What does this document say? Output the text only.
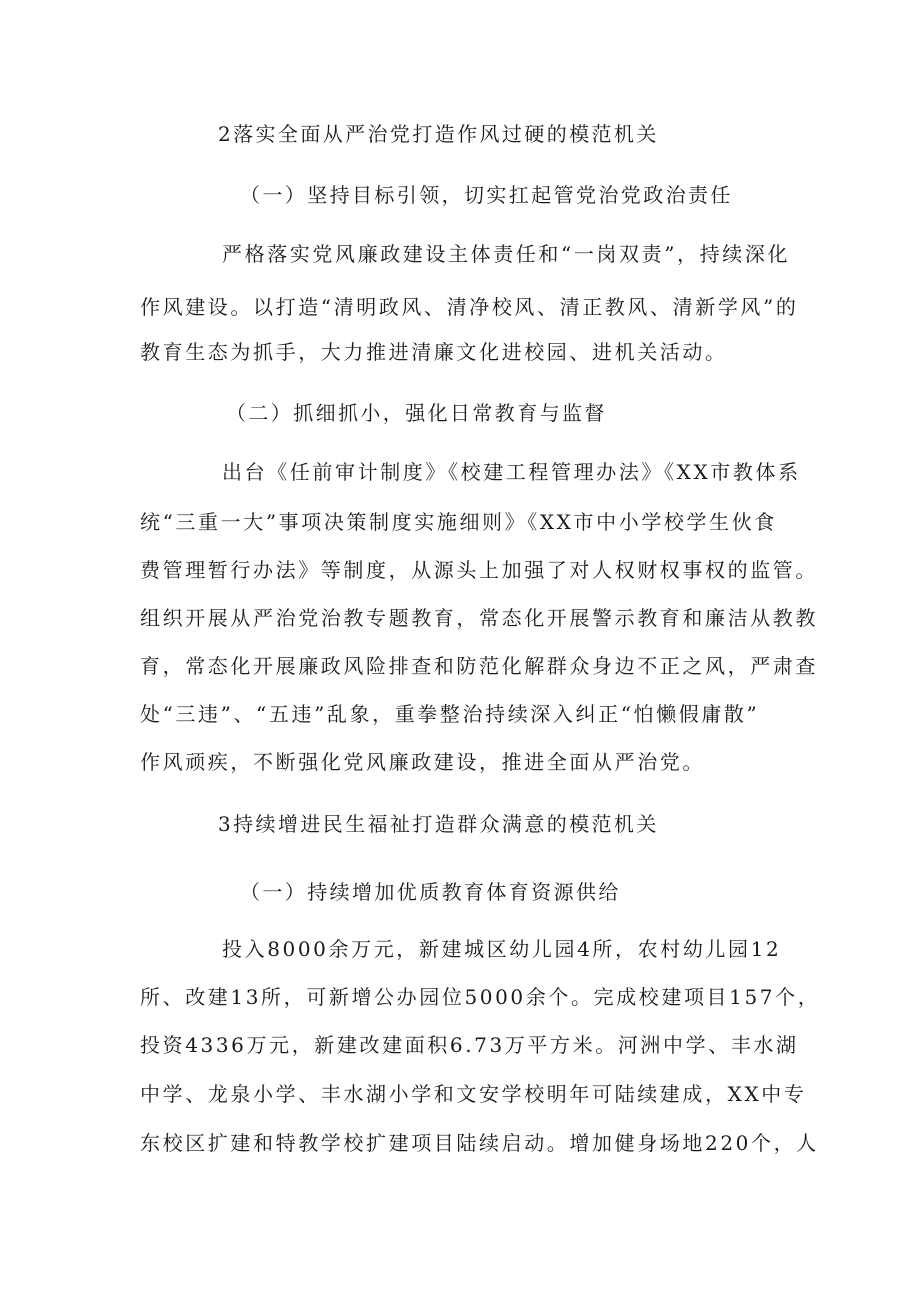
2落实全面从严治党打造作风过硬的模范机关
（一）坚持目标引领，切实扛起管党治党政治责任
严格落实党风廉政建设主体责任和“一岗双责”，持续深化
作风建设。以打造“清明政风、清净校风、清正教风、清新学风”的
教育生态为抓手，大力推进清廉文化进校园、进机关活动。
（二）抓细抓小，强化日常教育与监督
出台《任前审计制度》《校建工程管理办法》《XX市教体系
统“三重一大”事项决策制度实施细则》《XX市中小学校学生伙食
费管理暂行办法》等制度，从源头上加强了对人权财权事权的监管。
组织开展从严治党治教专题教育，常态化开展警示教育和廉洁从教教
育，常态化开展廉政风险排查和防范化解群众身边不正之风，严肃查
处“三违”、“五违”乱象，重拳整治持续深入纠正“怕懒假庸散”
作风顽疾，不断强化党风廉政建设，推进全面从严治党。
3持续增进民生福祉打造群众满意的模范机关
（一）持续增加优质教育体育资源供给
投入8000余万元，新建城区幼儿园4所，农村幼儿园12
所、改建13所，可新增公办园位5000余个。完成校建项目157个，
投资4336万元，新建改建面积6.73万平方米。河洲中学、丰水湖
中学、龙泉小学、丰水湖小学和文安学校明年可陆续建成，XX中专
东校区扩建和特教学校扩建项目陆续启动。增加健身场地220个，人
